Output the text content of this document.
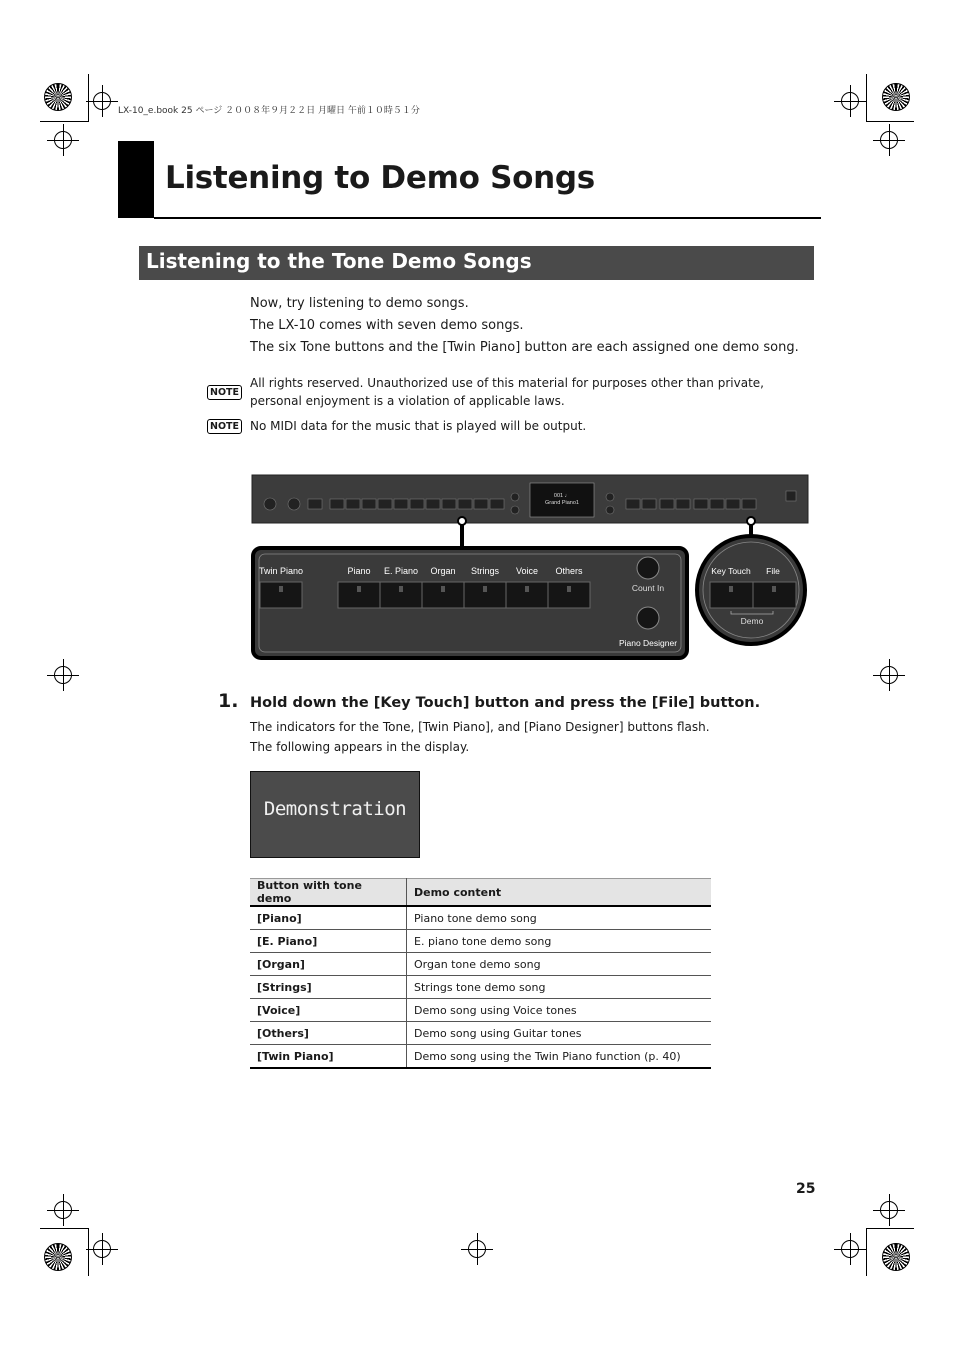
LX-10_e.book 25 ページ ２００８年９月２２日 月曜日 午前１０時５１分
Listening to Demo Songs
Listening to the Tone Demo Songs
Now, try listening to demo songs.
The LX-10 comes with seven demo songs.
The six Tone buttons and the [Twin Piano] button are each assigned one demo song.
NOTE
All rights reserved. Unauthorized use of this material for purposes other than private, personal enjoyment is a violation of applicable laws.
NOTE No MIDI data for the music that is played will be output.
001 ♩
Grand Piano1
Twin Piano	Piano E. Piano Organ Strings Voice Others
Count In
Piano Designer
Key Touch File
Demo
1. Hold down the [Key Touch] button and press the [File] button.
The indicators for the Tone, [Twin Piano], and [Piano Designer] buttons flash.
The following appears in the display.
Demonstration
Button with tone demo	Demo content
[Piano]	Piano tone demo song
[E. Piano]	E. piano tone demo song
[Organ]	Organ tone demo song
[Strings]	Strings tone demo song
[Voice]	Demo song using Voice tones
[Others]	Demo song using Guitar tones
[Twin Piano]	Demo song using the Twin Piano function (p. 40)
25
